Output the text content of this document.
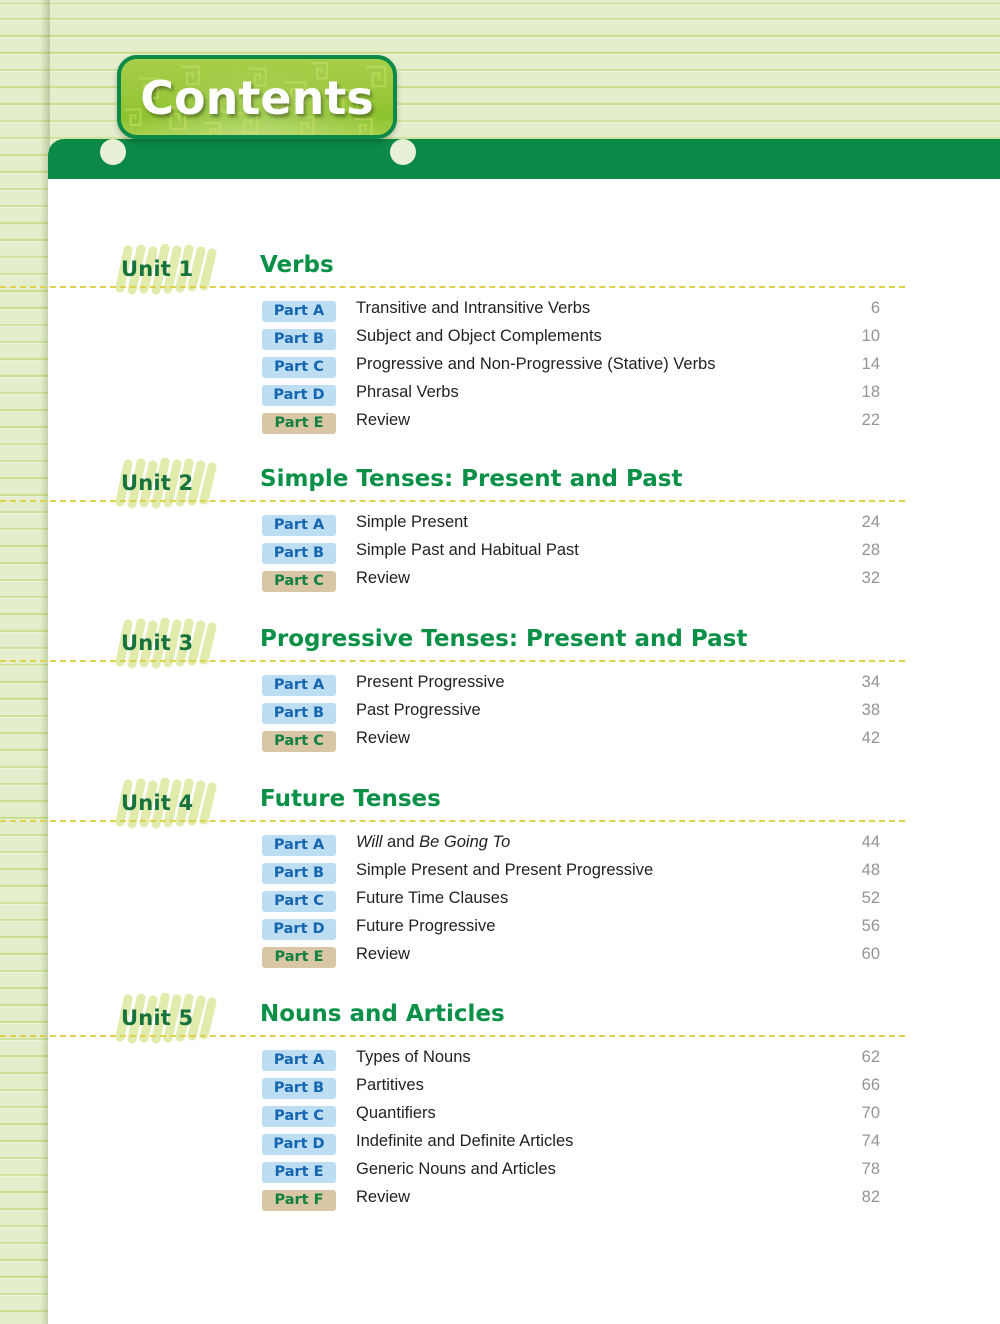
Contents
Unit 1	Verbs
Part A	Transitive and Intransitive Verbs	6
Part B	Subject and Object Complements	10
Part C	Progressive and Non-Progressive (Stative) Verbs	14
Part D	Phrasal Verbs	18
Part E	Review	22
Unit 2	Simple Tenses: Present and Past
Part A	Simple Present	24
Part B	Simple Past and Habitual Past	28
Part C	Review	32
Unit 3	Progressive Tenses: Present and Past
Part A	Present Progressive	34
Part B	Past Progressive	38
Part C	Review	42
Unit 4	Future Tenses
Part A	Will and Be Going To	44
Part B	Simple Present and Present Progressive	48
Part C	Future Time Clauses	52
Part D	Future Progressive	56
Part E	Review	60
Unit 5	Nouns and Articles
Part A	Types of Nouns	62
Part B	Partitives	66
Part C	Quantifiers	70
Part D	Indefinite and Definite Articles	74
Part E	Generic Nouns and Articles	78
Part F	Review	82
